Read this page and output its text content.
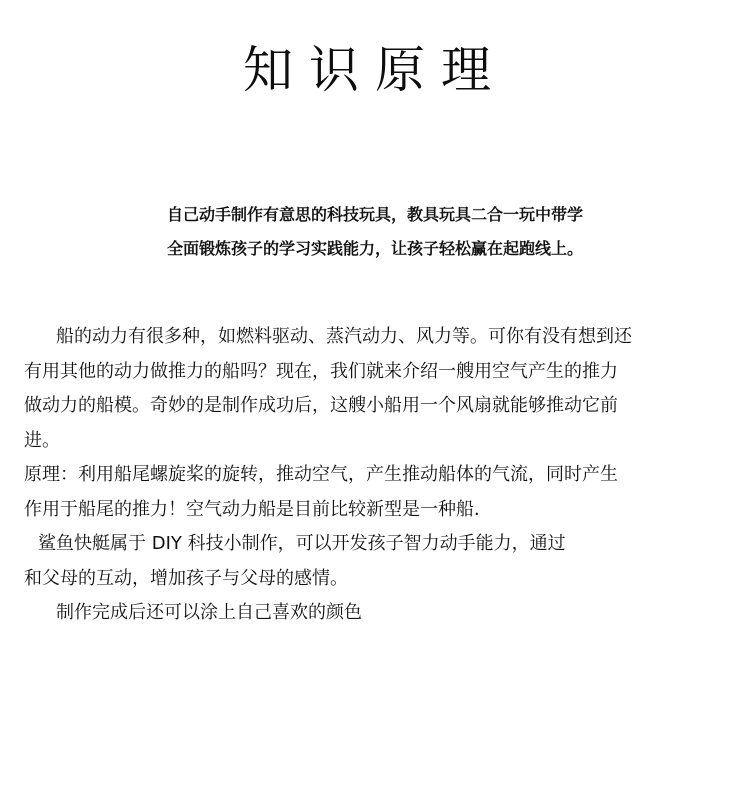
知识原理

自己动手制作有意思的科技玩具，教具玩具二合一玩中带学

全面锻炼孩子的学习实践能力，让孩子轻松赢在起跑线上。

船的动力有很多种，如燃料驱动、蒸汽动力、风力等。可你有没有想到还

有用其他的动力做推力的船吗？现在，我们就来介绍一艘用空气产生的推力

做动力的船模。奇妙的是制作成功后，这艘小船用一个风扇就能够推动它前

进。

原理：利用船尾螺旋桨的旋转，推动空气，产生推动船体的气流，同时产生

作用于船尾的推力！空气动力船是目前比较新型是一种船．

鲨鱼快艇属于 DIY 科技小制作，可以开发孩子智力动手能力，通过

和父母的互动，增加孩子与父母的感情。

制作完成后还可以涂上自己喜欢的颜色
